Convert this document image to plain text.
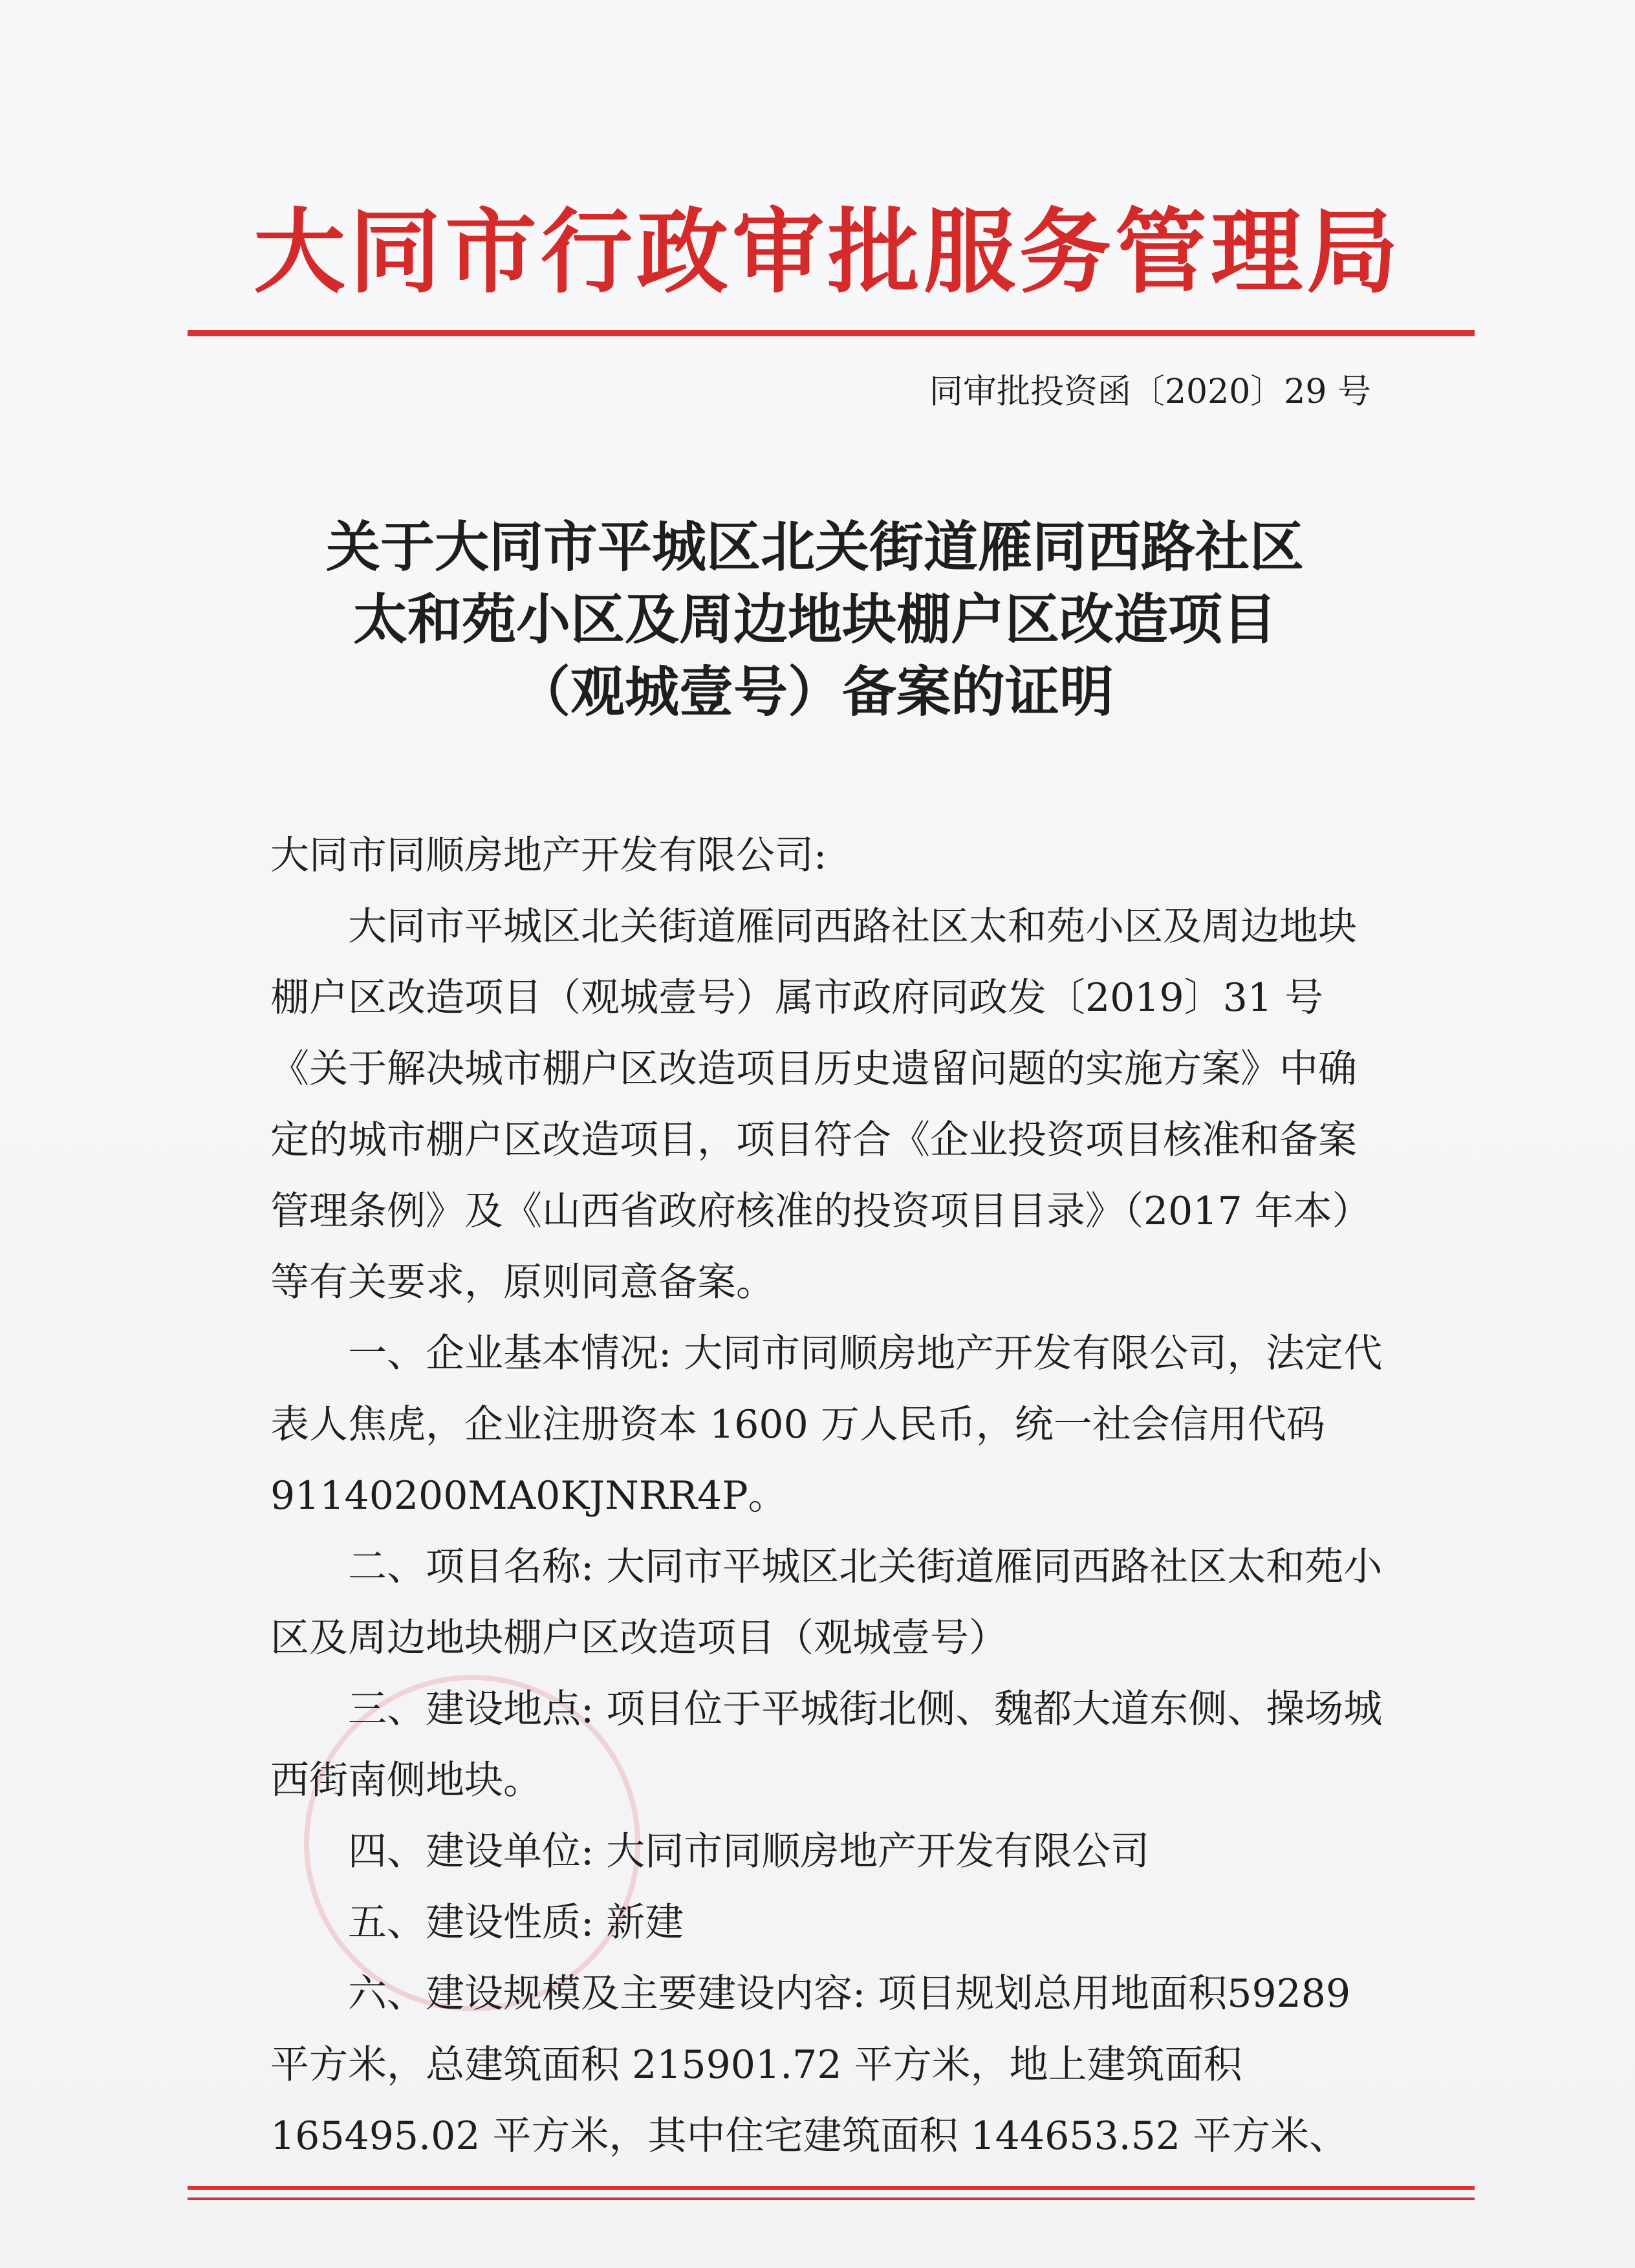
大同市行政审批服务管理局
同审批投资函〔2020〕29 号
关于大同市平城区北关街道雁同西路社区
太和苑小区及周边地块棚户区改造项目
（观城壹号）备案的证明

大同市同顺房地产开发有限公司:

大同市平城区北关街道雁同西路社区太和苑小区及周边地块棚户区改造项目（观城壹号）属市政府同政发〔2019〕31 号《关于解决城市棚户区改造项目历史遗留问题的实施方案》中确定的城市棚户区改造项目，项目符合《企业投资项目核准和备案管理条例》及《山西省政府核准的投资项目目录》（2017 年本）等有关要求，原则同意备案。

一、企业基本情况: 大同市同顺房地产开发有限公司，法定代表人焦虎，企业注册资本 1600 万人民币，统一社会信用代码 91140200MA0KJNRR4P。

二、项目名称: 大同市平城区北关街道雁同西路社区太和苑小区及周边地块棚户区改造项目（观城壹号）

三、建设地点: 项目位于平城街北侧、魏都大道东侧、操场城西街南侧地块。

四、建设单位: 大同市同顺房地产开发有限公司

五、建设性质: 新建

六、建设规模及主要建设内容: 项目规划总用地面积59289 平方米，总建筑面积 215901.72 平方米，地上建筑面积 165495.02 平方米，其中住宅建筑面积 144653.52 平方米、
